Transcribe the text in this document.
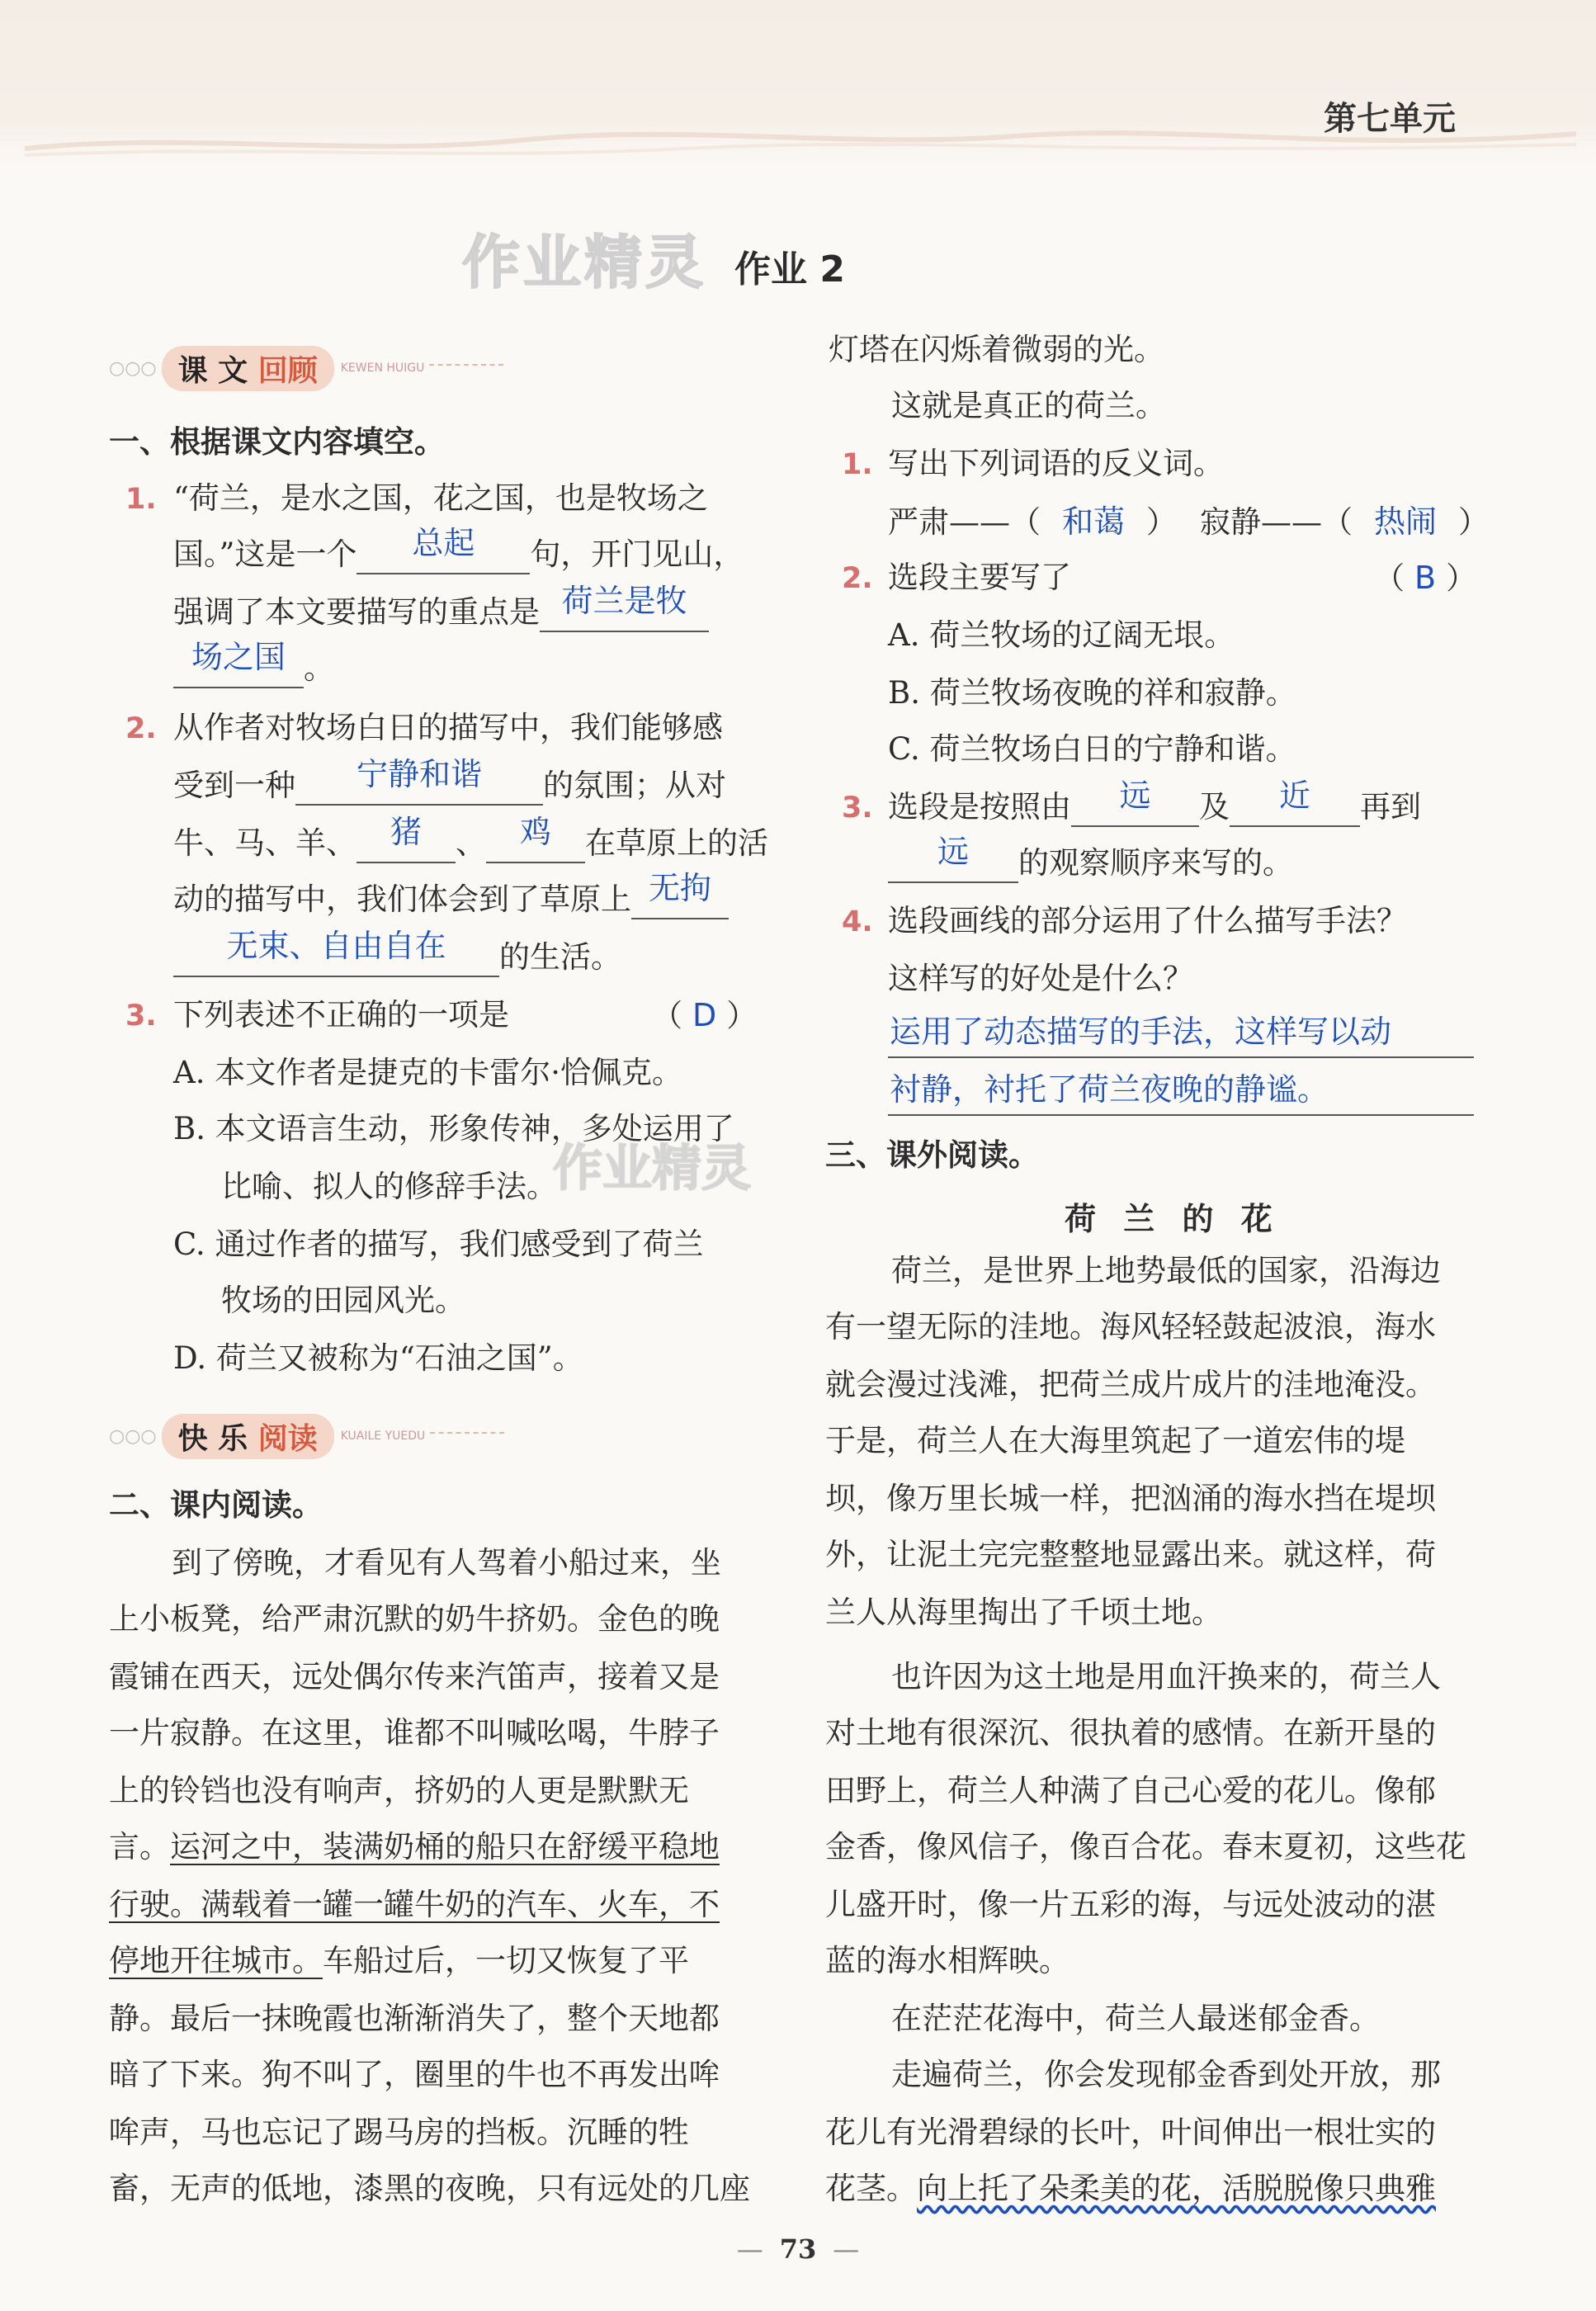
第七单元
作业精灵 作业 2
○○○ 课 文 回顾	KEWEN HUIGU
一、根据课文内容填空。
1. “荷兰，是水之国，花之国，也是牧场之
国。”这是一个 总起 句，开门见山，
强调了本文要描写的重点是 荷兰是牧
场之国 。
2. 从作者对牧场白日的描写中，我们能够感
受到一种 宁静和谐 的氛围；从对
牛、马、羊、 猪 、 鸡 在草原上的活
动的描写中，我们体会到了草原上 无拘
无束、自由自在 的生活。
3. 下列表述不正确的一项是	（ D ）
A. 本文作者是捷克的卡雷尔·恰佩克。
B. 本文语言生动，形象传神，多处运用了
比喻、拟人的修辞手法。
作业精灵
C. 通过作者的描写，我们感受到了荷兰
牧场的田园风光。
D. 荷兰又被称为“石油之国”。
○○○ 快 乐 阅读	KUAILE YUEDU
二、课内阅读。
到了傍晚，才看见有人驾着小船过来，坐
上小板凳，给严肃沉默的奶牛挤奶。金色的晚
霞铺在西天，远处偶尔传来汽笛声，接着又是
一片寂静。在这里，谁都不叫喊吆喝，牛脖子
上的铃铛也没有响声，挤奶的人更是默默无
言。运河之中，装满奶桶的船只在舒缓平稳地
行驶。满载着一罐一罐牛奶的汽车、火车，不
停地开往城市。车船过后，一切又恢复了平
静。最后一抹晚霞也渐渐消失了，整个天地都
暗了下来。狗不叫了，圈里的牛也不再发出哞
哞声，马也忘记了踢马房的挡板。沉睡的牲
畜，无声的低地，漆黑的夜晚，只有远处的几座
灯塔在闪烁着微弱的光。
这就是真正的荷兰。
1. 写出下列词语的反义词。
严肃——（ 和蔼 ） 寂静——（ 热闹 ）
2. 选段主要写了	（ B ）
A. 荷兰牧场的辽阔无垠。
B. 荷兰牧场夜晚的祥和寂静。
C. 荷兰牧场白日的宁静和谐。
3. 选段是按照由 远 及 近 再到
远 的观察顺序来写的。
4. 选段画线的部分运用了什么描写手法？
这样写的好处是什么？
运用了动态描写的手法，这样写以动
衬静，衬托了荷兰夜晚的静谧。
三、课外阅读。
荷 兰 的 花
荷兰，是世界上地势最低的国家，沿海边
有一望无际的洼地。海风轻轻鼓起波浪，海水
就会漫过浅滩，把荷兰成片成片的洼地淹没。
于是，荷兰人在大海里筑起了一道宏伟的堤
坝，像万里长城一样，把汹涌的海水挡在堤坝
外，让泥土完完整整地显露出来。就这样，荷
兰人从海里掏出了千顷土地。
也许因为这土地是用血汗换来的，荷兰人
对土地有很深沉、很执着的感情。在新开垦的
田野上，荷兰人种满了自己心爱的花儿。像郁
金香，像风信子，像百合花。春末夏初，这些花
儿盛开时，像一片五彩的海，与远处波动的湛
蓝的海水相辉映。
在茫茫花海中，荷兰人最迷郁金香。
走遍荷兰，你会发现郁金香到处开放，那
花儿有光滑碧绿的长叶，叶间伸出一根壮实的
花茎。向上托了朵柔美的花，活脱脱像只典雅
— 73 —
